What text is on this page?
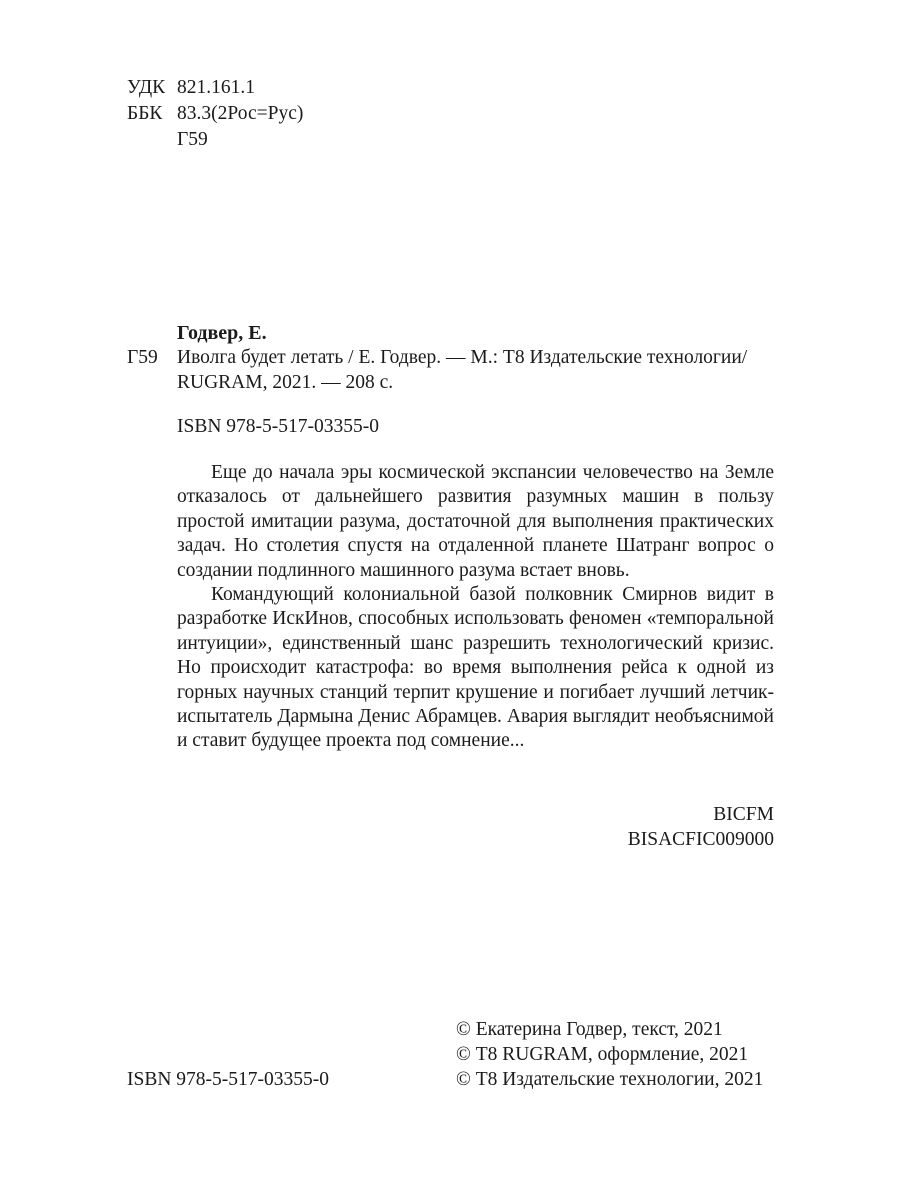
УДК 821.161.1
ББК 83.3(2Рос=Рус)
Г59
Годвер, Е.
Г59 Иволга будет летать / Е. Годвер. — М.: Т8 Издательские технологии/
RUGRAM, 2021. — 208 с.
ISBN 978-5-517-03355-0

Еще до начала эры космической экспансии человечество на Земле отказалось от дальнейшего развития разумных машин в пользу простой имитации разума, достаточной для выполнения практических задач. Но столетия спустя на отдаленной планете Шатранг вопрос о создании подлинного машинного разума встает вновь.

Командующий колониальной базой полковник Смирнов видит в разработке ИскИнов, способных использовать феномен «темпоральной интуиции», единственный шанс разрешить технологический кризис. Но происходит катастрофа: во время выполнения рейса к одной из горных научных станций терпит крушение и погибает лучший летчик-испытатель Дармына Денис Абрамцев. Авария выглядит необъяснимой и ставит будущее проекта под сомнение...

BICFM
BISACFIC009000
ISBN 978-5-517-03355-0
© Екатерина Годвер, текст, 2021
© Т8 RUGRAM, оформление, 2021
© Т8 Издательские технологии, 2021
